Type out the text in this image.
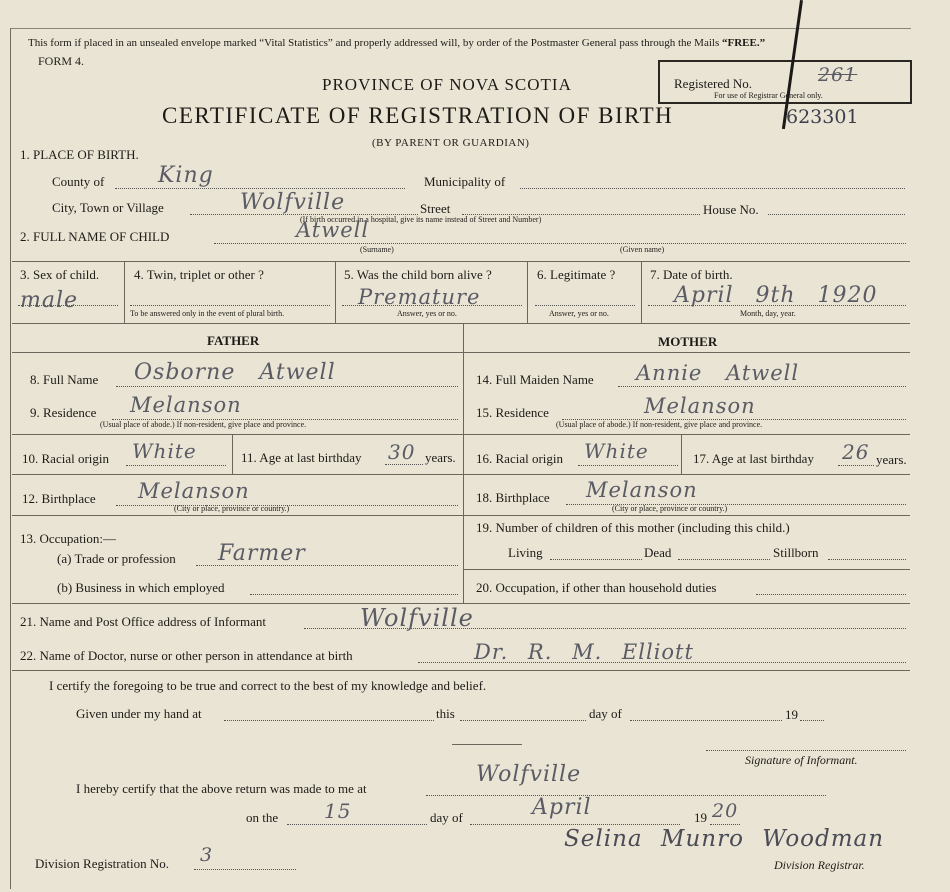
This form if placed in an unsealed envelope marked “Vital Statistics” and properly addressed will, by order of the Postmaster General pass through the Mails “FREE.”
FORM 4.
PROVINCE OF NOVA SCOTIA
CERTIFICATE OF REGISTRATION OF BIRTH
(BY PARENT OR GUARDIAN)
Registered No.	261
For use of Registrar General only.
623301
1. PLACE OF BIRTH.
County of King	Municipality of
City, Town or Village	Wolfville	Street	House No.
(If birth occurred in a hospital, give its name instead of Street and Number)
2. FULL NAME OF CHILD	Atwell
(Surname)	(Given name)
3. Sex of child.
male
4. Twin, triplet or other ?
To be answered only in the event of plural birth.
5. Was the child born alive ?
Premature
Answer, yes or no.
6. Legitimate ?
Answer, yes or no.
7. Date of birth.
April 9th 1920
Month, day, year.
FATHER	MOTHER
8. Full Name Osborne Atwell
9. Residence Melanson
(Usual place of abode.) If non-resident, give place and province.
10. Racial origin White	11. Age at last birthday 30 years.
12. Birthplace Melanson
(City or place, province or country.)
13. Occupation:—
(a) Trade or profession Farmer
(b) Business in which employed
14. Full Maiden Name Annie Atwell
15. Residence	Melanson
(Usual place of abode.) If non-resident, give place and province.
16. Racial origin White	17. Age at last birthday 26 years.
18. Birthplace Melanson
(City or place, province or country.)
19. Number of children of this mother (including this child.)
Living	Dead	Stillborn
20. Occupation, if other than household duties
21. Name and Post Office address of Informant	Wolfville
22. Name of Doctor, nurse or other person in attendance at birth	Dr. R. M. Elliott
I certify the foregoing to be true and correct to the best of my knowledge and belief.
Given under my hand at	this	day of	19
Signature of Informant.
I hereby certify that the above return was made to me at
Wolfville
on the 15	day of	April	19 20
Division Registration No. 3
Selina Munro Woodman
Division Registrar.
